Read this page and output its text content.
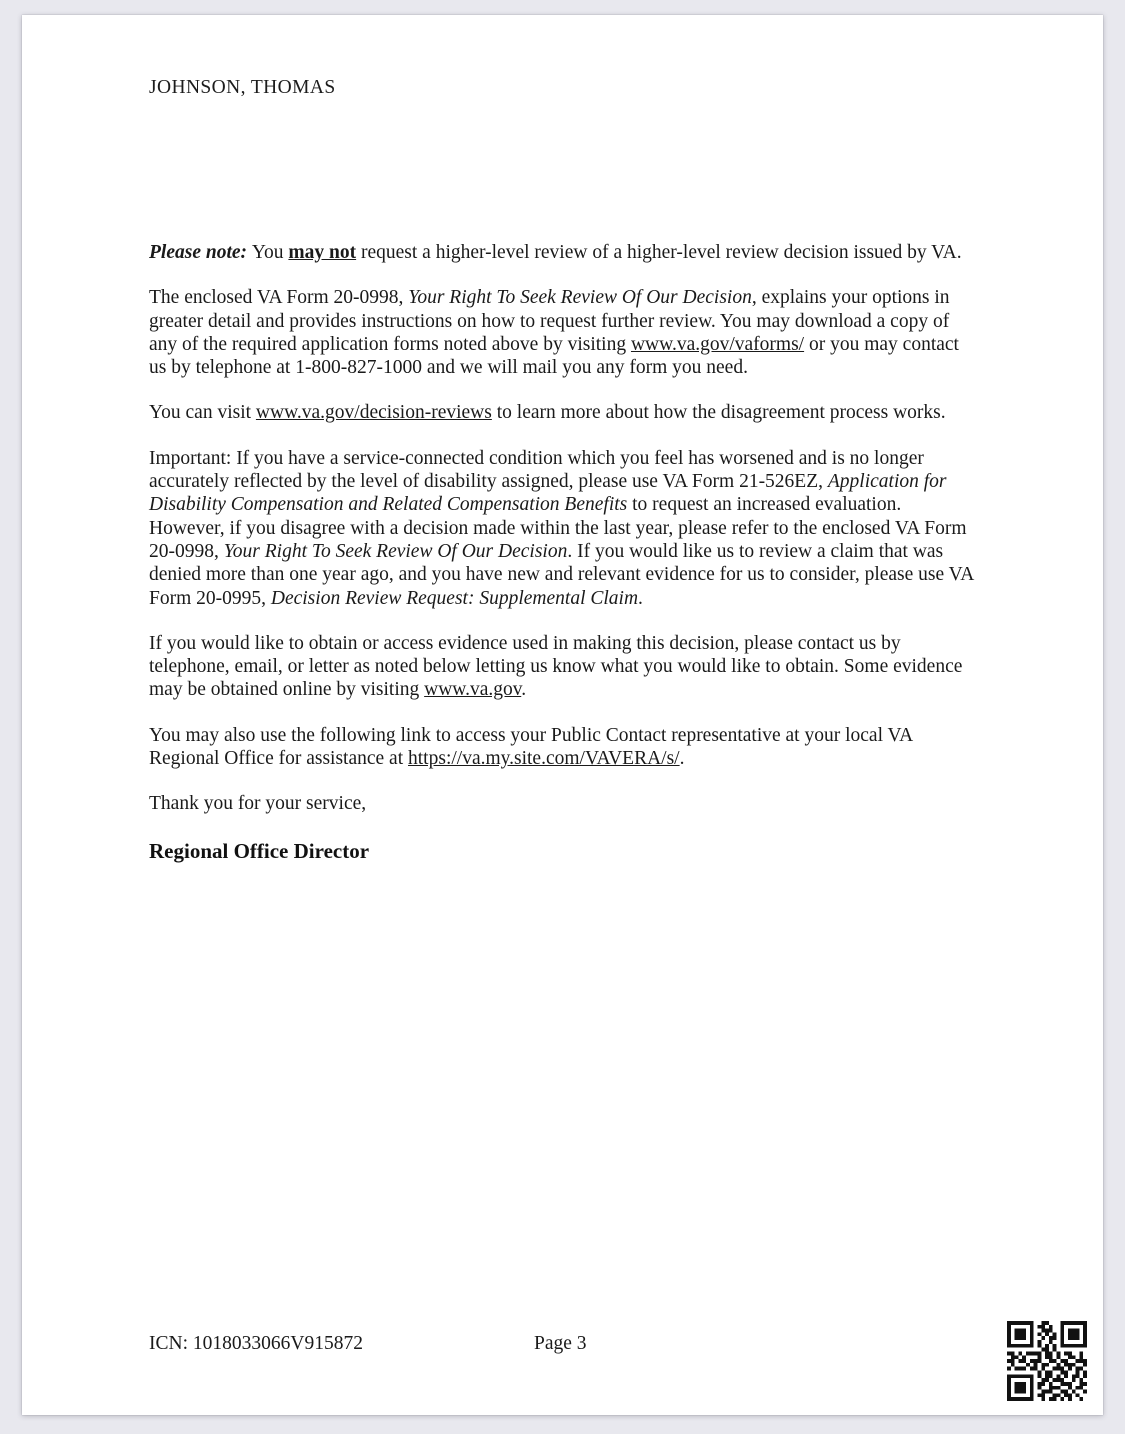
JOHNSON, THOMAS

Please note: You may not request a higher-level review of a higher-level review decision issued by VA.

The enclosed VA Form 20-0998, Your Right To Seek Review Of Our Decision, explains your options in greater detail and provides instructions on how to request further review. You may download a copy of any of the required application forms noted above by visiting www.va.gov/vaforms/ or you may contact us by telephone at 1-800-827-1000 and we will mail you any form you need.

You can visit www.va.gov/decision-reviews to learn more about how the disagreement process works.

Important: If you have a service-connected condition which you feel has worsened and is no longer accurately reflected by the level of disability assigned, please use VA Form 21-526EZ, Application for Disability Compensation and Related Compensation Benefits to request an increased evaluation. However, if you disagree with a decision made within the last year, please refer to the enclosed VA Form 20-0998, Your Right To Seek Review Of Our Decision. If you would like us to review a claim that was denied more than one year ago, and you have new and relevant evidence for us to consider, please use VA Form 20-0995, Decision Review Request: Supplemental Claim.

If you would like to obtain or access evidence used in making this decision, please contact us by telephone, email, or letter as noted below letting us know what you would like to obtain. Some evidence may be obtained online by visiting www.va.gov.

You may also use the following link to access your Public Contact representative at your local VA Regional Office for assistance at https://va.my.site.com/VAVERA/s/.

Thank you for your service,

Regional Office Director

ICN: 1018033066V915872	Page 3
